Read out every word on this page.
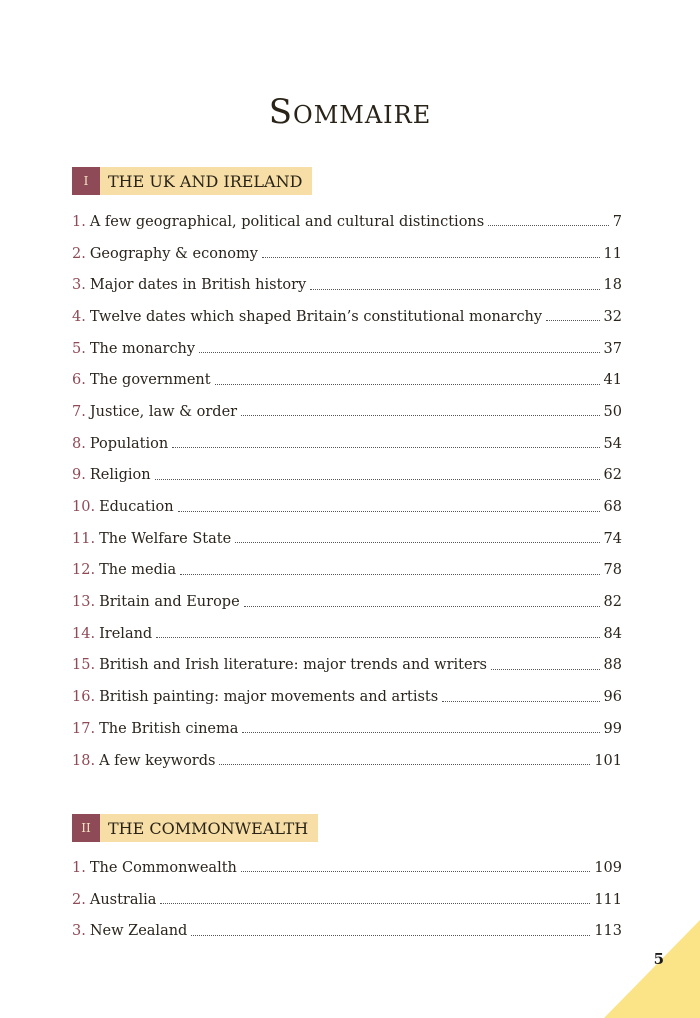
Sommaire
I	THE UK AND IRELAND
1. A few geographical, political and cultural distinctions	7
2. Geography & economy	11
3. Major dates in British history	18
4. Twelve dates which shaped Britain’s constitutional monarchy	32
5. The monarchy	37
6. The government	41
7. Justice, law & order	50
8. Population	54
9. Religion	62
10. Education	68
11. The Welfare State	74
12. The media	78
13. Britain and Europe	82
14. Ireland	84
15. British and Irish literature: major trends and writers	88
16. British painting: major movements and artists	96
17. The British cinema	99
18. A few keywords	101
II	THE COMMONWEALTH
1. The Commonwealth	109
2. Australia	111
3. New Zealand	113
5
